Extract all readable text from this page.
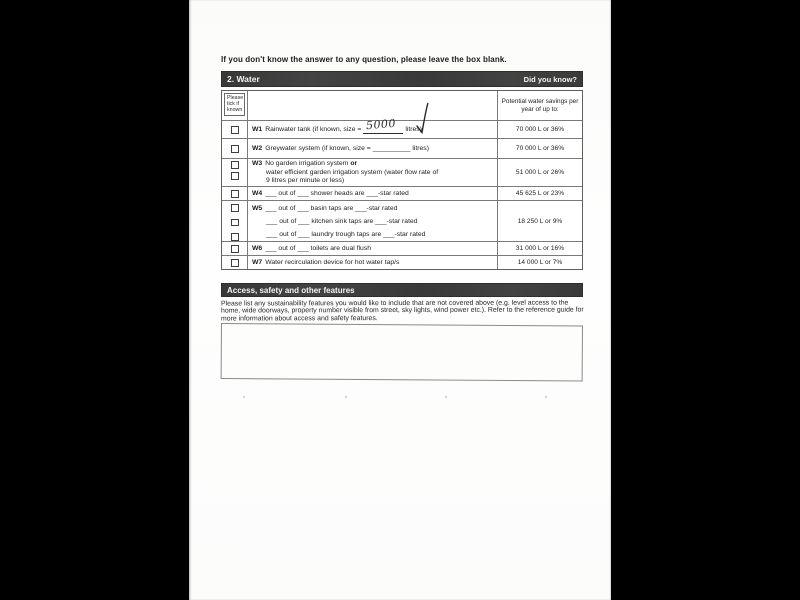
If you don't know the answer to any question, please leave the box blank.
2. Water	Did you know?
Please tick if known
Potential water savings per year of up to:
W1 Rainwater tank (if known, size = 5000 litres)	70 000 L or 36%
W2 Greywater system (if known, size = __________ litres)	70 000 L or 36%
W3 No garden irrigation system or
water efficient garden irrigation system (water flow rate of
9 litres per minute or less)
51 000 L or 26%
W4 ___ out of ___ shower heads are ___-star rated	45 625 L or 23%
W5 ___ out of ___ basin taps are ___-star rated
___ out of ___ kitchen sink taps are ___-star rated
___ out of ___ laundry trough taps are ___-star rated
18 250 L or 9%
W6 ___ out of ___ toilets are dual flush	31 000 L or 16%
W7 Water recirculation device for hot water tap/s	14 000 L or 7%
Access, safety and other features
Please list any sustainability features you would like to include that are not covered above (e.g. level access to the home, wide doorways, property number visible from street, sky lights, wind power etc.). Refer to the reference guide for more information about access and safety features.
